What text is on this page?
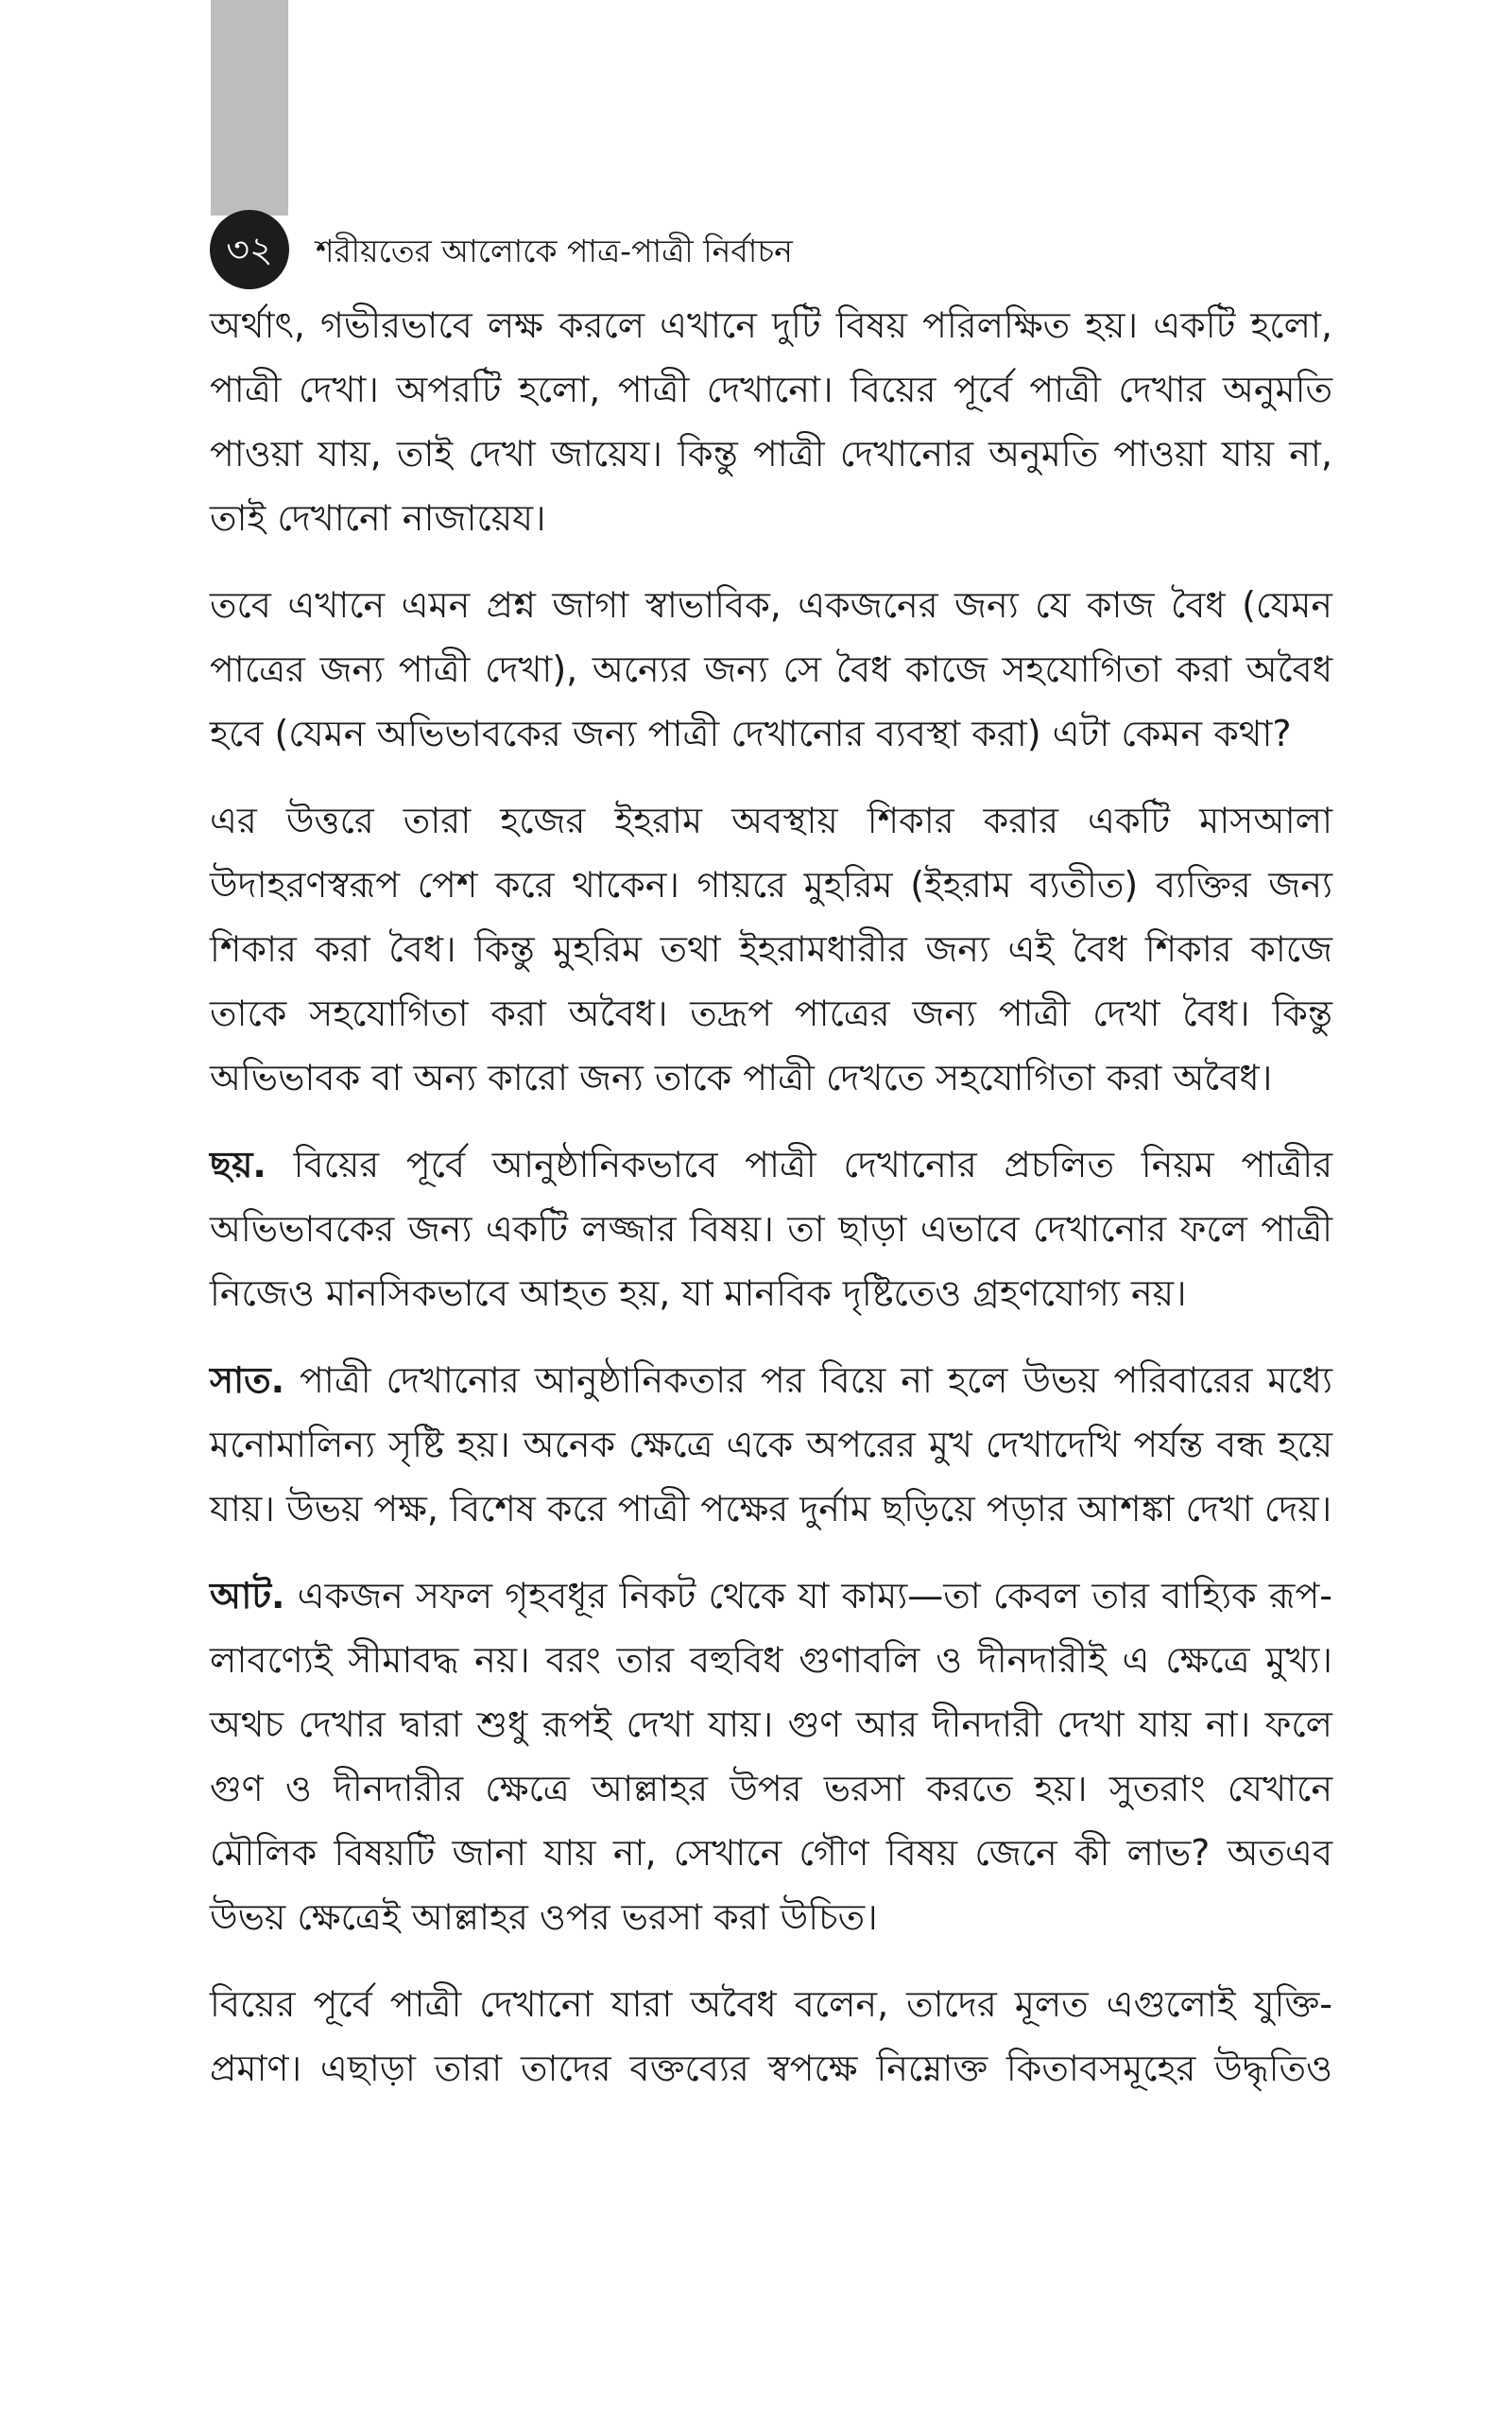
৩২	শরীয়তের আলোকে পাত্র-পাত্রী নির্বাচন

অর্থাৎ, গভীরভাবে লক্ষ করলে এখানে দুটি বিষয় পরিলক্ষিত হয়। একটি হলো, পাত্রী দেখা। অপরটি হলো, পাত্রী দেখানো। বিয়ের পূর্বে পাত্রী দেখার অনুমতি পাওয়া যায়, তাই দেখা জায়েয। কিন্তু পাত্রী দেখানোর অনুমতি পাওয়া যায় না, তাই দেখানো নাজায়েয।

তবে এখানে এমন প্রশ্ন জাগা স্বাভাবিক, একজনের জন্য যে কাজ বৈধ (যেমন পাত্রের জন্য পাত্রী দেখা), অন্যের জন্য সে বৈধ কাজে সহযোগিতা করা অবৈধ হবে (যেমন অভিভাবকের জন্য পাত্রী দেখানোর ব্যবস্থা করা) এটা কেমন কথা?

এর উত্তরে তারা হজের ইহরাম অবস্থায় শিকার করার একটি মাসআলা উদাহরণস্বরূপ পেশ করে থাকেন। গায়রে মুহরিম (ইহরাম ব্যতীত) ব্যক্তির জন্য শিকার করা বৈধ। কিন্তু মুহরিম তথা ইহরামধারীর জন্য এই বৈধ শিকার কাজে তাকে সহযোগিতা করা অবৈধ। তদ্রূপ পাত্রের জন্য পাত্রী দেখা বৈধ। কিন্তু অভিভাবক বা অন্য কারো জন্য তাকে পাত্রী দেখতে সহযোগিতা করা অবৈধ।

ছয়. বিয়ের পূর্বে আনুষ্ঠানিকভাবে পাত্রী দেখানোর প্রচলিত নিয়ম পাত্রীর অভিভাবকের জন্য একটি লজ্জার বিষয়। তা ছাড়া এভাবে দেখানোর ফলে পাত্রী নিজেও মানসিকভাবে আহত হয়, যা মানবিক দৃষ্টিতেও গ্রহণযোগ্য নয়।

সাত. পাত্রী দেখানোর আনুষ্ঠানিকতার পর বিয়ে না হলে উভয় পরিবারের মধ্যে মনোমালিন্য সৃষ্টি হয়। অনেক ক্ষেত্রে একে অপরের মুখ দেখাদেখি পর্যন্ত বন্ধ হয়ে যায়। উভয় পক্ষ, বিশেষ করে পাত্রী পক্ষের দুর্নাম ছড়িয়ে পড়ার আশঙ্কা দেখা দেয়।

আট. একজন সফল গৃহবধূর নিকট থেকে যা কাম্য—তা কেবল তার বাহ্যিক রূপ-লাবণ্যেই সীমাবদ্ধ নয়। বরং তার বহুবিধ গুণাবলি ও দীনদারীই এ ক্ষেত্রে মুখ্য। অথচ দেখার দ্বারা শুধু রূপই দেখা যায়। গুণ আর দীনদারী দেখা যায় না। ফলে গুণ ও দীনদারীর ক্ষেত্রে আল্লাহর উপর ভরসা করতে হয়। সুতরাং যেখানে মৌলিক বিষয়টি জানা যায় না, সেখানে গৌণ বিষয় জেনে কী লাভ? অতএব উভয় ক্ষেত্রেই আল্লাহর ওপর ভরসা করা উচিত।

বিয়ের পূর্বে পাত্রী দেখানো যারা অবৈধ বলেন, তাদের মূলত এগুলোই যুক্তি-প্রমাণ। এছাড়া তারা তাদের বক্তব্যের স্বপক্ষে নিম্নোক্ত কিতাবসমূহের উদ্ধৃতিও
